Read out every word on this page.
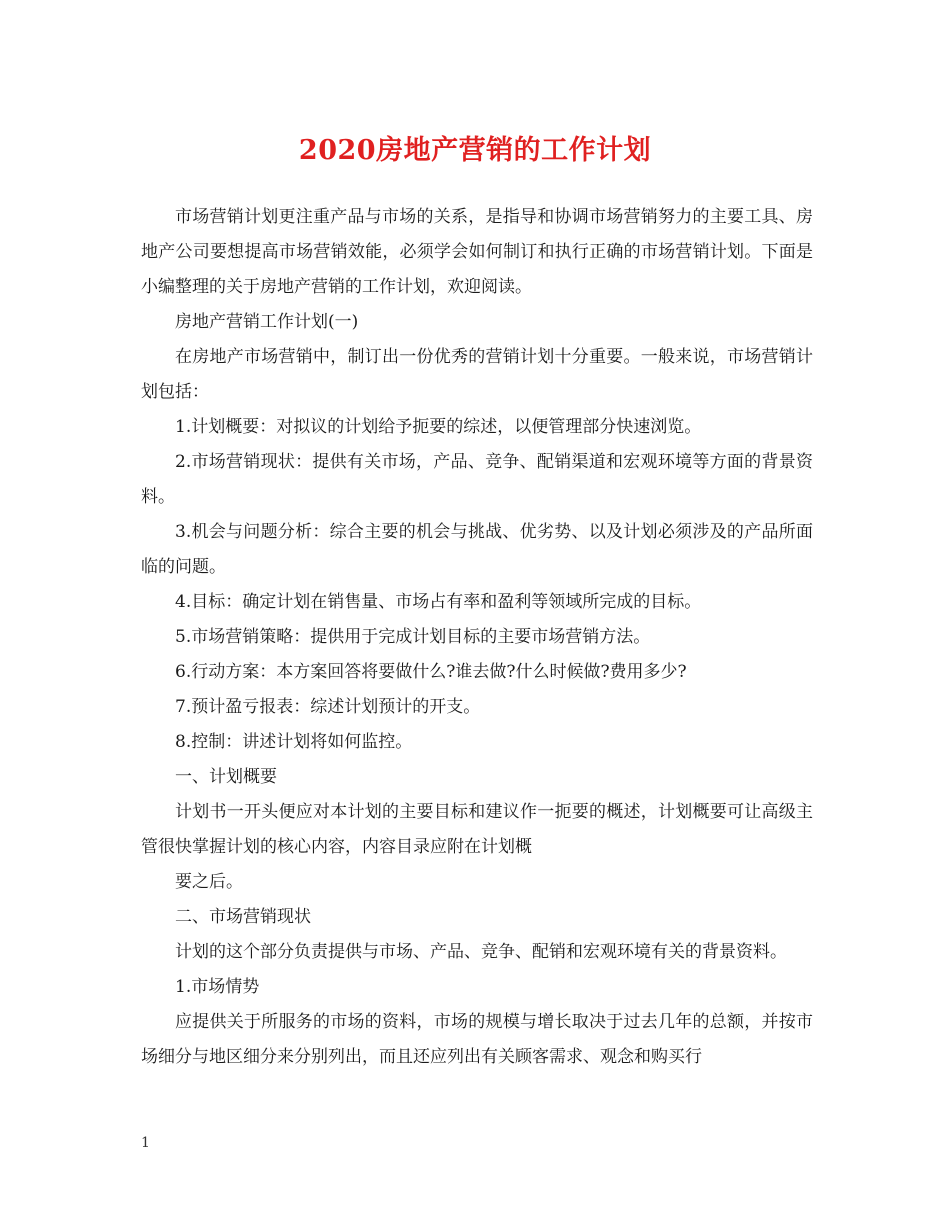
2020房地产营销的工作计划

市场营销计划更注重产品与市场的关系，是指导和协调市场营销努力的主要工具、房地产公司要想提高市场营销效能，必须学会如何制订和执行正确的市场营销计划。下面是小编整理的关于房地产营销的工作计划，欢迎阅读。

房地产营销工作计划(一)

在房地产市场营销中，制订出一份优秀的营销计划十分重要。一般来说，市场营销计划包括：

1.计划概要：对拟议的计划给予扼要的综述，以便管理部分快速浏览。

2.市场营销现状：提供有关市场，产品、竞争、配销渠道和宏观环境等方面的背景资料。

3.机会与问题分析：综合主要的机会与挑战、优劣势、以及计划必须涉及的产品所面临的问题。

4.目标：确定计划在销售量、市场占有率和盈利等领域所完成的目标。

5.市场营销策略：提供用于完成计划目标的主要市场营销方法。

6.行动方案：本方案回答将要做什么?谁去做?什么时候做?费用多少?

7.预计盈亏报表：综述计划预计的开支。

8.控制：讲述计划将如何监控。

一、计划概要

计划书一开头便应对本计划的主要目标和建议作一扼要的概述，计划概要可让高级主管很快掌握计划的核心内容，内容目录应附在计划概

要之后。

二、市场营销现状

计划的这个部分负责提供与市场、产品、竞争、配销和宏观环境有关的背景资料。

1.市场情势

应提供关于所服务的市场的资料，市场的规模与增长取决于过去几年的总额，并按市场细分与地区细分来分别列出，而且还应列出有关顾客需求、观念和购买行

1
